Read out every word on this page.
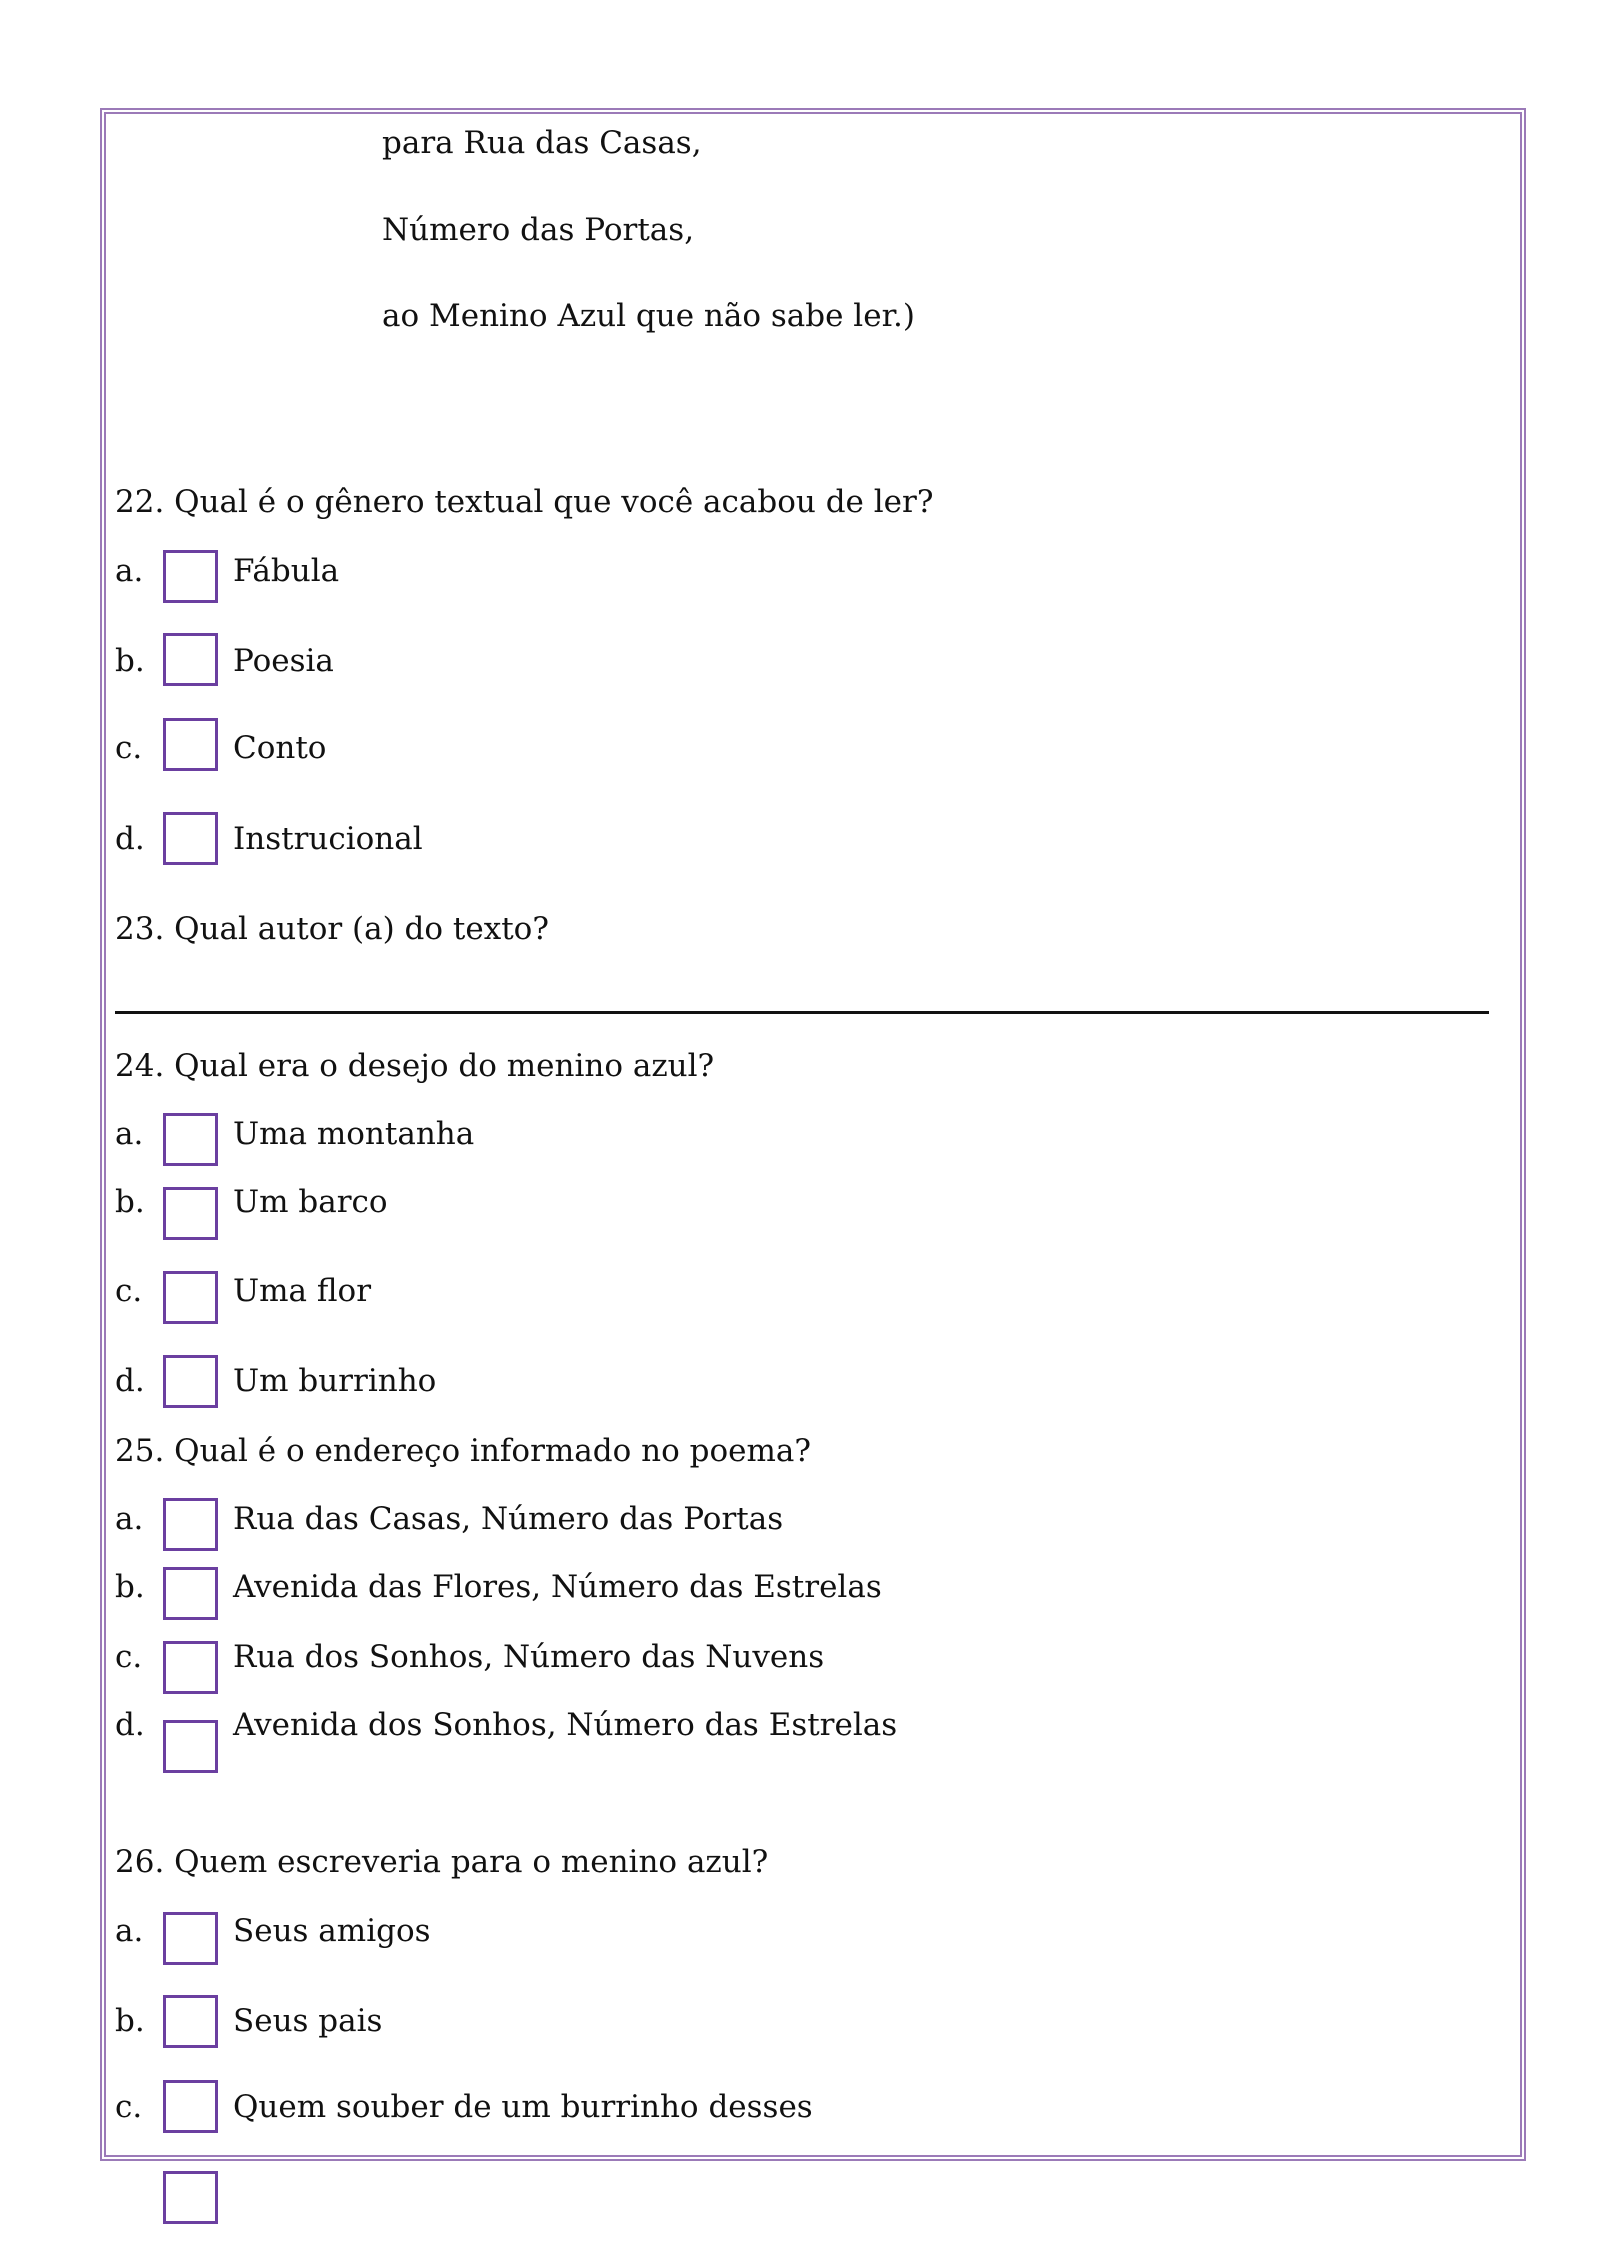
para Rua das Casas,
Número das Portas,
ao Menino Azul que não sabe ler.)
22. Qual é o gênero textual que você acabou de ler?
a.	Fábula
b.	Poesia
c.	Conto
d.	Instrucional
23. Qual autor (a) do texto?
24. Qual era o desejo do menino azul?
a.	Uma montanha
b.	Um barco
c.	Uma flor
d.	Um burrinho
25. Qual é o endereço informado no poema?
a.	Rua das Casas, Número das Portas
b.	Avenida das Flores, Número das Estrelas
c.	Rua dos Sonhos, Número das Nuvens
d.	Avenida dos Sonhos, Número das Estrelas
26. Quem escreveria para o menino azul?
a.	Seus amigos
b.	Seus pais
c.	Quem souber de um burrinho desses
